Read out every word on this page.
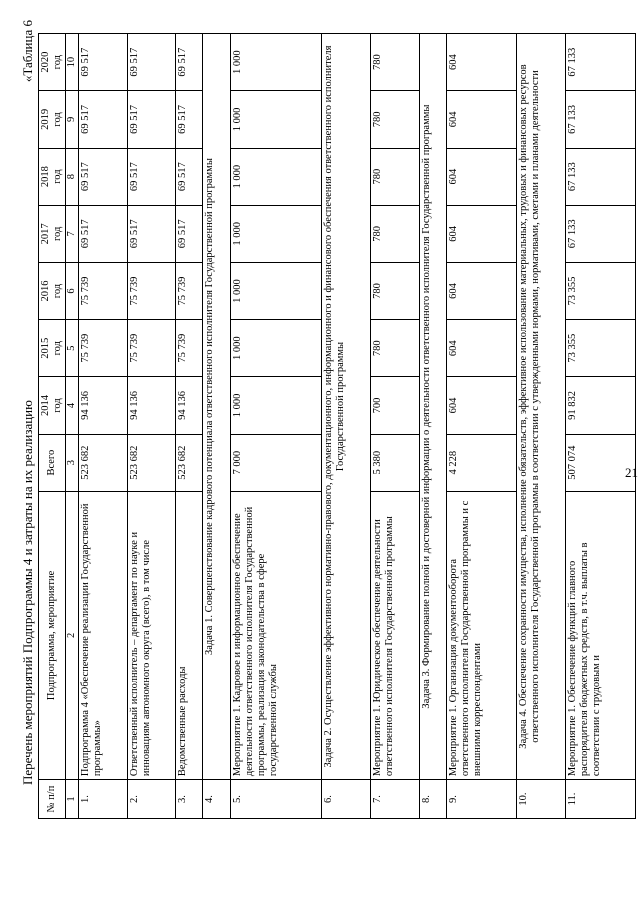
21
Перечень мероприятий Подпрограммы 4 и затраты на их реализацию
«Таблица 6
№ п/п	Подпрограмма, мероприятие	Всего	2014 год	2015 год	2016 год	2017 год	2018 год	2019 год	2020 год

1	2	3	4	5	6	7	8	9	10
1.	Подпрограмма 4 «Обеспечение реализации Государственной программы»	523 682	94 136	75 739	75 739	69 517	69 517	69 517	69 517
2.	Ответственный исполнитель – департамент по науке и инновациям автономного округа (всего), в том числе	523 682	94 136	75 739	75 739	69 517	69 517	69 517	69 517
3.	Ведомственные расходы	523 682	94 136	75 739	75 739	69 517	69 517	69 517	69 517
4.	Задача 1. Совершенствование кадрового потенциала ответственного исполнителя Государственной программы								
5.	Мероприятие 1. Кадровое и информационное обеспечение деятельности ответственного исполнителя Государственной программы, реализация законодательства в сфере государственной службы	7 000	1 000	1 000	1 000	1 000	1 000	1 000	1 000
6.	Задача 2. Осуществление эффективного нормативно-правового, документационного, информационного и финансового обеспечения ответственного исполнителя Государственной программы								
7.	Мероприятие 1. Юридическое обеспечение деятельности ответственного исполнителя Государственной программы	5 380	700	780	780	780	780	780	780
8.	Задача 3. Формирование полной и достоверной информации о деятельности ответственного исполнителя Государственной программы								
9.	Мероприятие 1. Организация документооборота ответственного исполнителя Государственной программы и с внешними корреспондентами	4 228	604	604	604	604	604	604	604
10.	Задача 4. Обеспечение сохранности имущества, исполнение обязательств, эффективное использование материальных, трудовых и финансовых ресурсов ответственного исполнителя Государственной программы в соответствии с утвержденными нормами, нормативами, сметами и планами деятельности								
11.	Мероприятие 1. Обеспечение функций главного распорядителя бюджетных средств, в т.ч. выплаты в соответствии с трудовым и	507 074	91 832	73 355	73 355	67 133	67 133	67 133	67 133
